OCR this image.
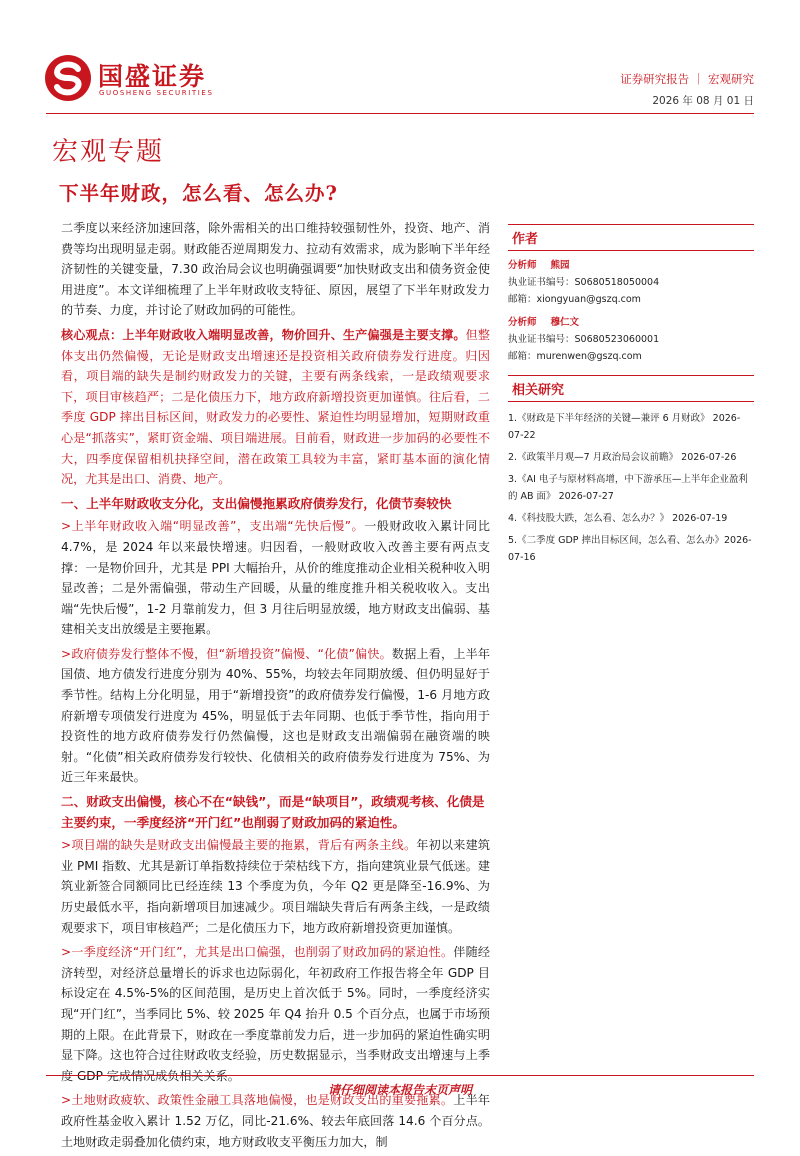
国盛证券
GUOSHENG SECURITIES
证券研究报告 ｜ 宏观研究
2026 年 08 月 01 日
宏观专题
下半年财政，怎么看、怎么办?

二季度以来经济加速回落，除外需相关的出口维持较强韧性外，投资、地产、消费等均出现明显走弱。财政能否逆周期发力、拉动有效需求，成为影响下半年经济韧性的关键变量，7.30 政治局会议也明确强调要“加快财政支出和债务资金使用进度”。本文详细梳理了上半年财政收支特征、原因，展望了下半年财政发力的节奏、力度，并讨论了财政加码的可能性。

核心观点：上半年财政收入端明显改善，物价回升、生产偏强是主要支撑。但整体支出仍然偏慢，无论是财政支出增速还是投资相关政府债券发行进度。归因看，项目端的缺失是制约财政发力的关键，主要有两条线索，一是政绩观要求下，项目审核趋严；二是化债压力下，地方政府新增投资更加谨慎。往后看，二季度 GDP 摔出目标区间，财政发力的必要性、紧迫性均明显增加，短期财政重心是“抓落实”，紧盯资金端、项目端进展。目前看，财政进一步加码的必要性不大，四季度保留相机抉择空间，潜在政策工具较为丰富，紧盯基本面的演化情况，尤其是出口、消费、地产。

一、上半年财政收支分化，支出偏慢拖累政府债券发行，化债节奏较快

>上半年财政收入端“明显改善”，支出端“先快后慢”。一般财政收入累计同比 4.7%，是 2024 年以来最快增速。归因看，一般财政收入改善主要有两点支撑：一是物价回升，尤其是 PPI 大幅抬升，从价的维度推动企业相关税种收入明显改善；二是外需偏强，带动生产回暖，从量的维度推升相关税收收入。支出端“先快后慢”，1-2 月靠前发力，但 3 月往后明显放缓，地方财政支出偏弱、基建相关支出放缓是主要拖累。

>政府债券发行整体不慢，但“新增投资”偏慢、“化债”偏快。数据上看，上半年国债、地方债发行进度分别为 40%、55%，均较去年同期放缓、但仍明显好于季节性。结构上分化明显，用于“新增投资”的政府债券发行偏慢，1-6 月地方政府新增专项债发行进度为 45%，明显低于去年同期、也低于季节性，指向用于投资性的地方政府债券发行仍然偏慢，这也是财政支出端偏弱在融资端的映射。“化债”相关政府债券发行较快、化债相关的政府债券发行进度为 75%、为近三年来最快。

二、财政支出偏慢，核心不在“缺钱”，而是“缺项目”，政绩观考核、化债是主要约束，一季度经济“开门红”也削弱了财政加码的紧迫性。

>项目端的缺失是财政支出偏慢最主要的拖累，背后有两条主线。年初以来建筑业 PMI 指数、尤其是新订单指数持续位于荣枯线下方，指向建筑业景气低迷。建筑业新签合同额同比已经连续 13 个季度为负，今年 Q2 更是降至-16.9%、为历史最低水平，指向新增项目加速减少。项目端缺失背后有两条主线，一是政绩观要求下，项目审核趋严；二是化债压力下，地方政府新增投资更加谨慎。

>一季度经济“开门红”，尤其是出口偏强，也削弱了财政加码的紧迫性。伴随经济转型，对经济总量增长的诉求也边际弱化，年初政府工作报告将全年 GDP 目标设定在 4.5%-5%的区间范围，是历史上首次低于 5%。同时，一季度经济实现“开门红”，当季同比 5%、较 2025 年 Q4 抬升 0.5 个百分点，也属于市场预期的上限。在此背景下，财政在一季度靠前发力后，进一步加码的紧迫性确实明显下降。这也符合过往财政收支经验，历史数据显示，当季财政支出增速与上季度 GDP 完成情况成负相关关系。

>土地财政疲软、政策性金融工具落地偏慢，也是财政支出的重要拖累。上半年政府性基金收入累计 1.52 万亿，同比-21.6%、较去年底回落 14.6 个百分点。土地财政走弱叠加化债约束，地方财政收支平衡压力加大，制

作者
分析师 熊园
执业证书编号：S0680518050004
邮箱：xiongyuan@gszq.com
分析师 穆仁文
执业证书编号：S0680523060001
邮箱：murenwen@gszq.com
相关研究
1.《财政是下半年经济的关键—兼评 6 月财政》 2026-07-22
2.《政策半月观—7 月政治局会议前瞻》 2026-07-26
3.《AI 电子与原材料高增，中下游承压—上半年企业盈利的 AB 面》 2026-07-27
4.《科技股大跌，怎么看、怎么办？》 2026-07-19
5.《二季度 GDP 摔出目标区间，怎么看、怎么办》2026-07-16
请仔细阅读本报告末页声明
